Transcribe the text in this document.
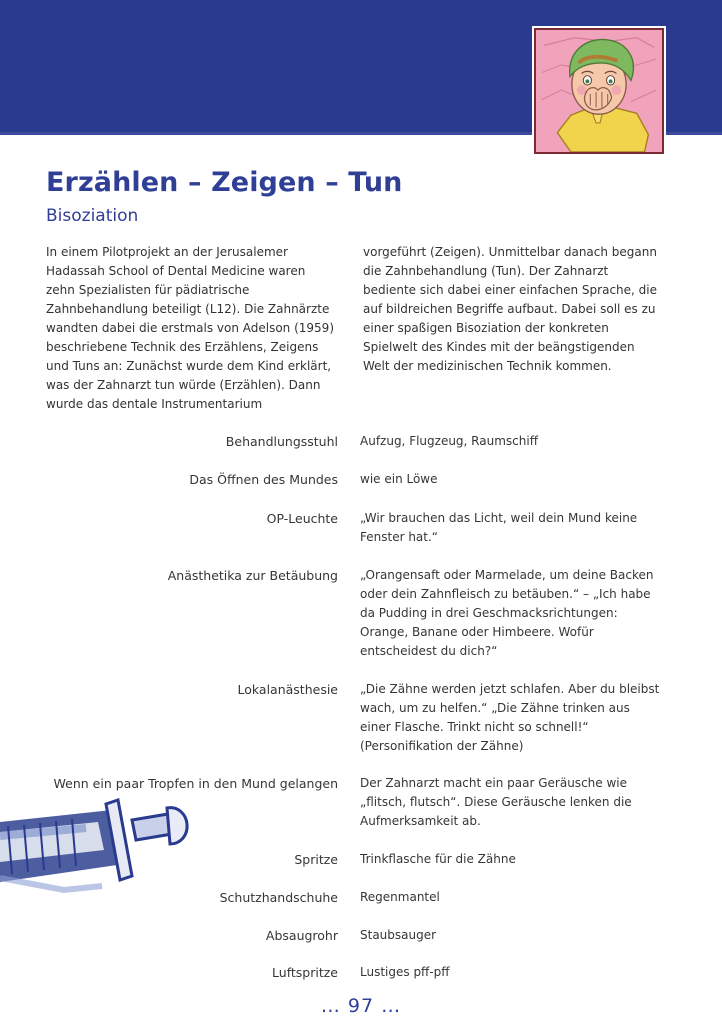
Erzählen – Zeigen – Tun
Bisoziation

In einem Pilotprojekt an der Jerusalemer Hadassah School of Dental Medicine waren zehn Spezialisten für pädiatrische Zahnbehandlung beteiligt (L12). Die Zahnärzte wandten dabei die erstmals von Adelson (1959) beschriebene Technik des Erzählens, Zeigens und Tuns an: Zunächst wurde dem Kind erklärt, was der Zahnarzt tun würde (Erzählen). Dann wurde das dentale Instrumentarium

vorgeführt (Zeigen). Unmittelbar danach begann die Zahnbehandlung (Tun). Der Zahnarzt bediente sich dabei einer einfachen Sprache, die auf bildreichen Begriffe aufbaut. Dabei soll es zu einer spaßigen Bisoziation der konkreten Spielwelt des Kindes mit der beängstigenden Welt der medizinischen Technik kommen.

Behandlungsstuhl Aufzug, Flugzeug, Raumschiff
Das Öffnen des Mundes wie ein Löwe
OP-Leuchte „Wir brauchen das Licht, weil dein Mund keine Fenster hat.“
Anästhetika zur Betäubung „Orangensaft oder Marmelade, um deine Backen oder dein Zahnfleisch zu betäuben.“ – „Ich habe da Pudding in drei Geschmacksrichtungen: Orange, Banane oder Himbeere. Wofür entscheidest du dich?“
Lokalanästhesie „Die Zähne werden jetzt schlafen. Aber du bleibst wach, um zu helfen.“ „Die Zähne trinken aus einer Flasche. Trinkt nicht so schnell!“ (Personifikation der Zähne)
Wenn ein paar Tropfen in den Mund gelangen Der Zahnarzt macht ein paar Geräusche wie „flitsch, flutsch“. Diese Geräusche lenken die Aufmerksamkeit ab.
Spritze Trinkflasche für die Zähne
Schutzhandschuhe Regenmantel
Absaugrohr Staubsauger
Luftspritze Lustiges pff-pff
… 97 …
